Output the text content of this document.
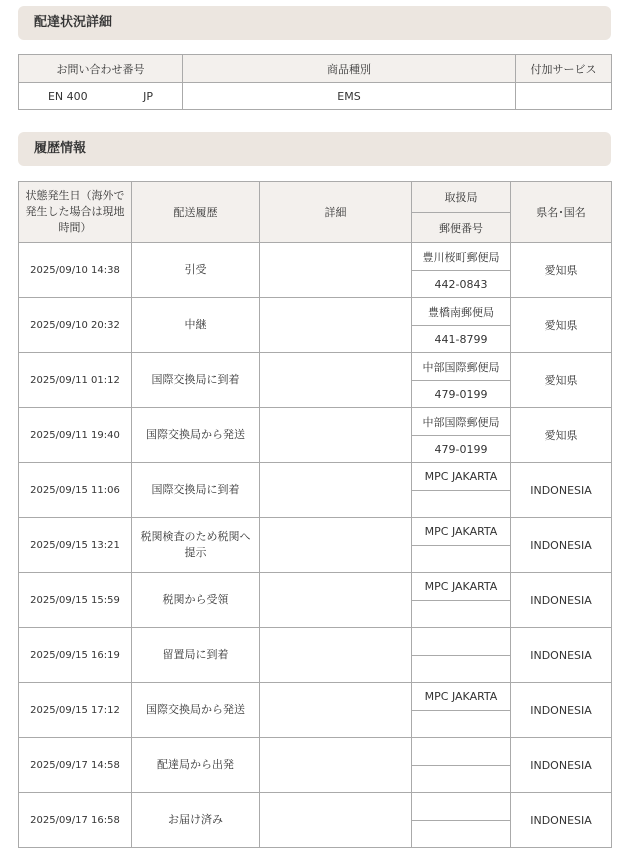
配達状況詳細
お問い合わせ番号	商品種別	付加サービス
EN 400 JP	EMS	
履歴情報
状態発生日（海外で発生した場合は現地時間）	配送履歴	詳細	取扱局	県名･国名
			郵便番号	
2025/09/10 14:38	引受		豊川桜町郵便局	愛知県
			442-0843	
2025/09/10 20:32	中継		豊橋南郵便局	愛知県
			441-8799	
2025/09/11 01:12	国際交換局に到着		中部国際郵便局	愛知県
			479-0199	
2025/09/11 19:40	国際交換局から発送		中部国際郵便局	愛知県
			479-0199	
2025/09/15 11:06	国際交換局に到着		MPC JAKARTA	INDONESIA

2025/09/15 13:21	税関検査のため税関へ提示		MPC JAKARTA	INDONESIA

2025/09/15 15:59	税関から受領		MPC JAKARTA	INDONESIA

2025/09/15 16:19	留置局に到着			INDONESIA

2025/09/15 17:12	国際交換局から発送		MPC JAKARTA	INDONESIA

2025/09/17 14:58	配達局から出発			INDONESIA

2025/09/17 16:58	お届け済み			INDONESIA
